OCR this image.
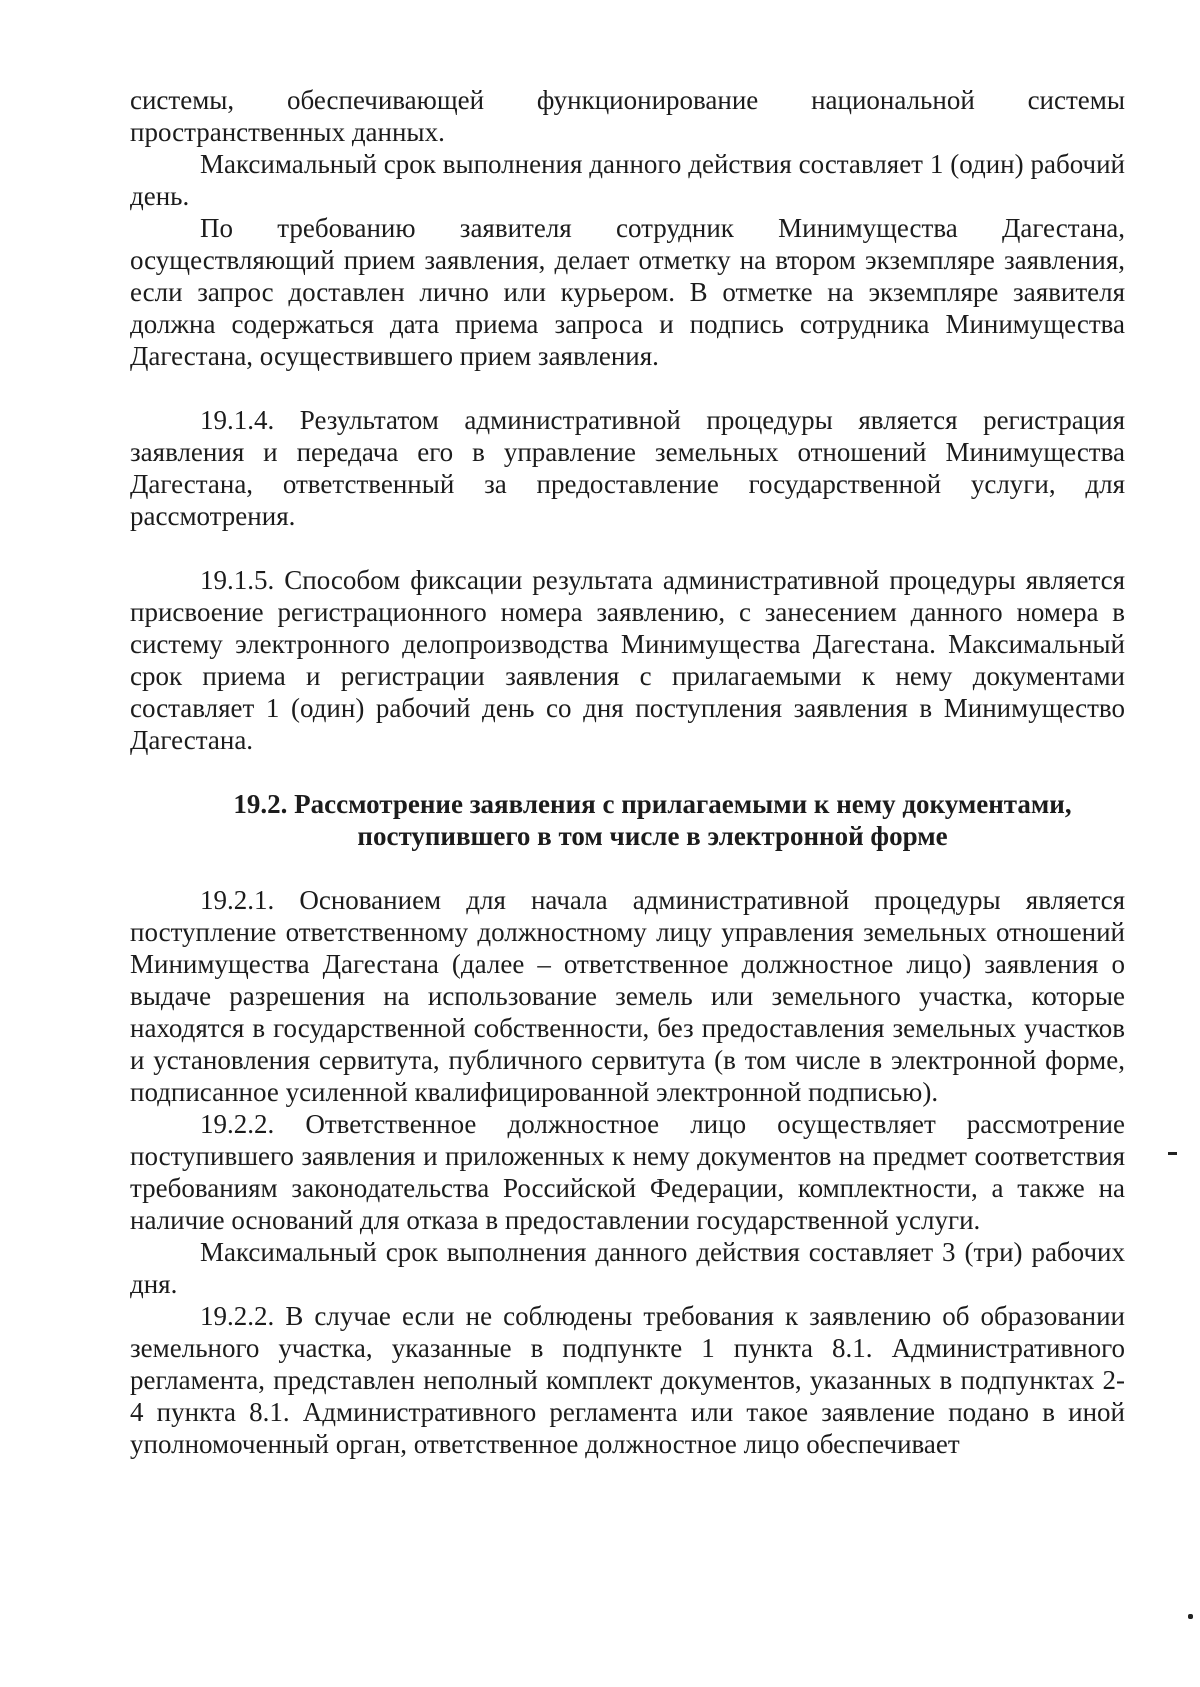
системы, обеспечивающей функционирование национальной системы пространственных данных.

Максимальный срок выполнения данного действия составляет 1 (один) рабочий день.

По требованию заявителя сотрудник Минимущества Дагестана, осуществляющий прием заявления, делает отметку на втором экземпляре заявления, если запрос доставлен лично или курьером. В отметке на экземпляре заявителя должна содержаться дата приема запроса и подпись сотрудника Минимущества Дагестана, осуществившего прием заявления.

19.1.4. Результатом административной процедуры является регистрация заявления и передача его в управление земельных отношений Минимущества Дагестана, ответственный за предоставление государственной услуги, для рассмотрения.

19.1.5. Способом фиксации результата административной процедуры является присвоение регистрационного номера заявлению, с занесением данного номера в систему электронного делопроизводства Минимущества Дагестана. Максимальный срок приема и регистрации заявления с прилагаемыми к нему документами составляет 1 (один) рабочий день со дня поступления заявления в Минимущество Дагестана.

19.2. Рассмотрение заявления с прилагаемыми к нему документами,
поступившего в том числе в электронной форме

19.2.1. Основанием для начала административной процедуры является поступление ответственному должностному лицу управления земельных отношений Минимущества Дагестана (далее – ответственное должностное лицо) заявления о выдаче разрешения на использование земель или земельного участка, которые находятся в государственной собственности, без предоставления земельных участков и установления сервитута, публичного сервитута (в том числе в электронной форме, подписанное усиленной квалифицированной электронной подписью).

19.2.2. Ответственное должностное лицо осуществляет рассмотрение поступившего заявления и приложенных к нему документов на предмет соответствия требованиям законодательства Российской Федерации, комплектности, а также на наличие оснований для отказа в предоставлении государственной услуги.

Максимальный срок выполнения данного действия составляет 3 (три) рабочих дня.

19.2.2. В случае если не соблюдены требования к заявлению об образовании земельного участка, указанные в подпункте 1 пункта 8.1. Административного регламента, представлен неполный комплект документов, указанных в подпунктах 2-4 пункта 8.1. Административного регламента или такое заявление подано в иной уполномоченный орган, ответственное должностное лицо обеспечивает
